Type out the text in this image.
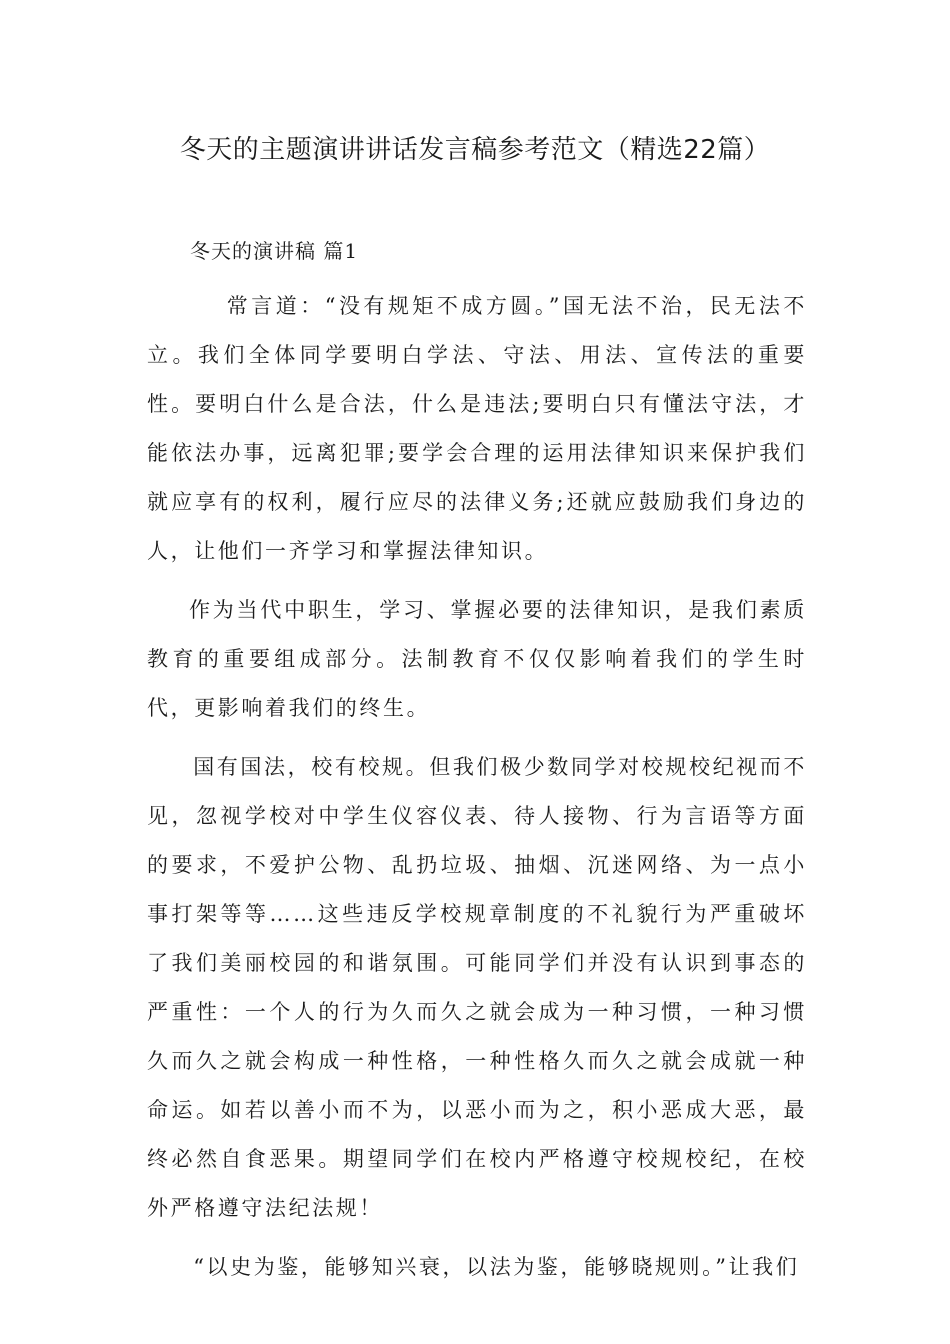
冬天的主题演讲讲话发言稿参考范文（精选22篇）
冬天的演讲稿 篇1

常言道：“没有规矩不成方圆。”国无法不治，民无法不立。我们全体同学要明白学法、守法、用法、宣传法的重要性。要明白什么是合法，什么是违法;要明白只有懂法守法，才能依法办事，远离犯罪;要学会合理的运用法律知识来保护我们就应享有的权利，履行应尽的法律义务;还就应鼓励我们身边的人，让他们一齐学习和掌握法律知识。

作为当代中职生，学习、掌握必要的法律知识，是我们素质教育的重要组成部分。法制教育不仅仅影响着我们的学生时代，更影响着我们的终生。

国有国法，校有校规。但我们极少数同学对校规校纪视而不见，忽视学校对中学生仪容仪表、待人接物、行为言语等方面的要求，不爱护公物、乱扔垃圾、抽烟、沉迷网络、为一点小事打架等等……这些违反学校规章制度的不礼貌行为严重破坏了我们美丽校园的和谐氛围。可能同学们并没有认识到事态的严重性：一个人的行为久而久之就会成为一种习惯，一种习惯久而久之就会构成一种性格，一种性格久而久之就会成就一种命运。如若以善小而不为，以恶小而为之，积小恶成大恶，最终必然自食恶果。期望同学们在校内严格遵守校规校纪，在校外严格遵守法纪法规！

“以史为鉴，能够知兴衰，以法为鉴，能够晓规则。”让我们
